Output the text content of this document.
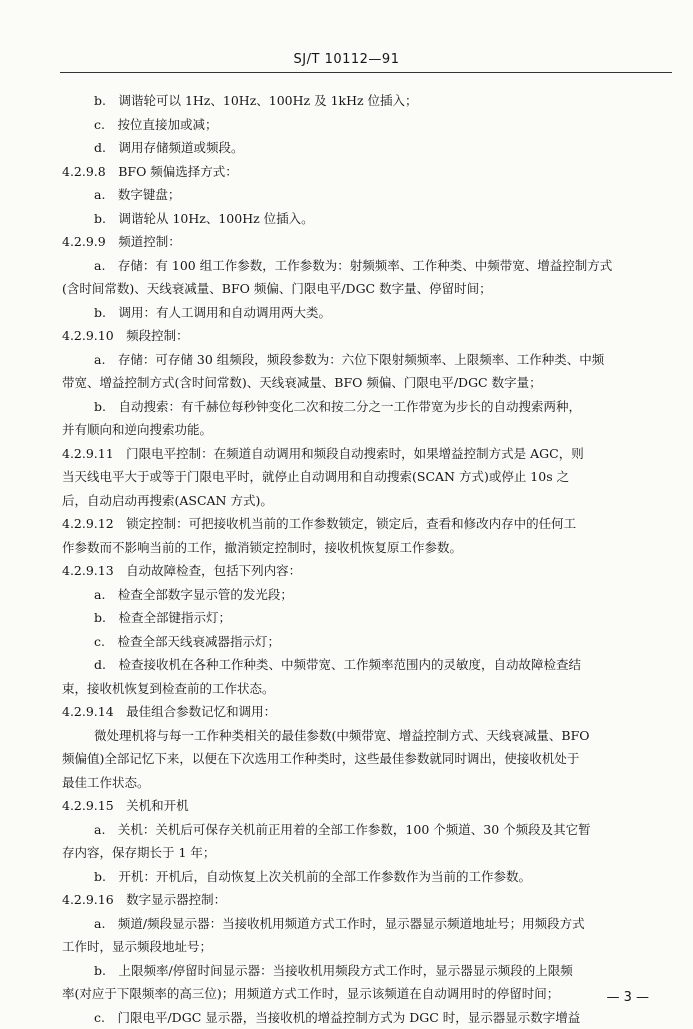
SJ/T 10112—91
b.　调谐轮可以 1Hz、10Hz、100Hz 及 1kHz 位插入；
c.　按位直接加或减；
d.　调用存储频道或频段。
4.2.9.8　BFO 频偏选择方式：
a.　数字键盘；
b.　调谐轮从 10Hz、100Hz 位插入。
4.2.9.9　频道控制：
a.　存储：有 100 组工作参数，工作参数为：射频频率、工作种类、中频带宽、增益控制方式
(含时间常数)、天线衰减量、BFO 频偏、门限电平/DGC 数字量、停留时间；
b.　调用：有人工调用和自动调用两大类。
4.2.9.10　频段控制：
a.　存储：可存储 30 组频段，频段参数为：六位下限射频频率、上限频率、工作种类、中频
带宽、增益控制方式(含时间常数)、天线衰减量、BFO 频偏、门限电平/DGC 数字量；
b.　自动搜索：有千赫位每秒钟变化二次和按二分之一工作带宽为步长的自动搜索两种，
并有顺向和逆向搜索功能。
4.2.9.11　门限电平控制：在频道自动调用和频段自动搜索时，如果增益控制方式是 AGC，则
当天线电平大于或等于门限电平时，就停止自动调用和自动搜索(SCAN 方式)或停止 10s 之
后，自动启动再搜索(ASCAN 方式)。
4.2.9.12　锁定控制：可把接收机当前的工作参数锁定，锁定后，查看和修改内存中的任何工
作参数而不影响当前的工作，撤消锁定控制时，接收机恢复原工作参数。
4.2.9.13　自动故障检查，包括下列内容：
a.　检查全部数字显示管的发光段；
b.　检查全部键指示灯；
c.　检查全部天线衰减器指示灯；
d.　检查接收机在各种工作种类、中频带宽、工作频率范围内的灵敏度，自动故障检查结
束，接收机恢复到检查前的工作状态。
4.2.9.14　最佳组合参数记忆和调用：
微处理机将与每一工作种类相关的最佳参数(中频带宽、增益控制方式、天线衰减量、BFO
频偏值)全部记忆下来，以便在下次选用工作种类时，这些最佳参数就同时调出，使接收机处于
最佳工作状态。
4.2.9.15　关机和开机
a.　关机：关机后可保存关机前正用着的全部工作参数，100 个频道、30 个频段及其它暂
存内容，保存期长于 1 年；
b.　开机：开机后，自动恢复上次关机前的全部工作参数作为当前的工作参数。
4.2.9.16　数字显示器控制：
a.　频道/频段显示器：当接收机用频道方式工作时，显示器显示频道地址号；用频段方式
工作时，显示频段地址号；
b.　上限频率/停留时间显示器：当接收机用频段方式工作时，显示器显示频段的上限频
率(对应于下限频率的高三位)；用频道方式工作时，显示该频道在自动调用时的停留时间；
c.　门限电平/DGC 显示器，当接收机的增益控制方式为 DGC 时，显示器显示数字增益
— 3 —
